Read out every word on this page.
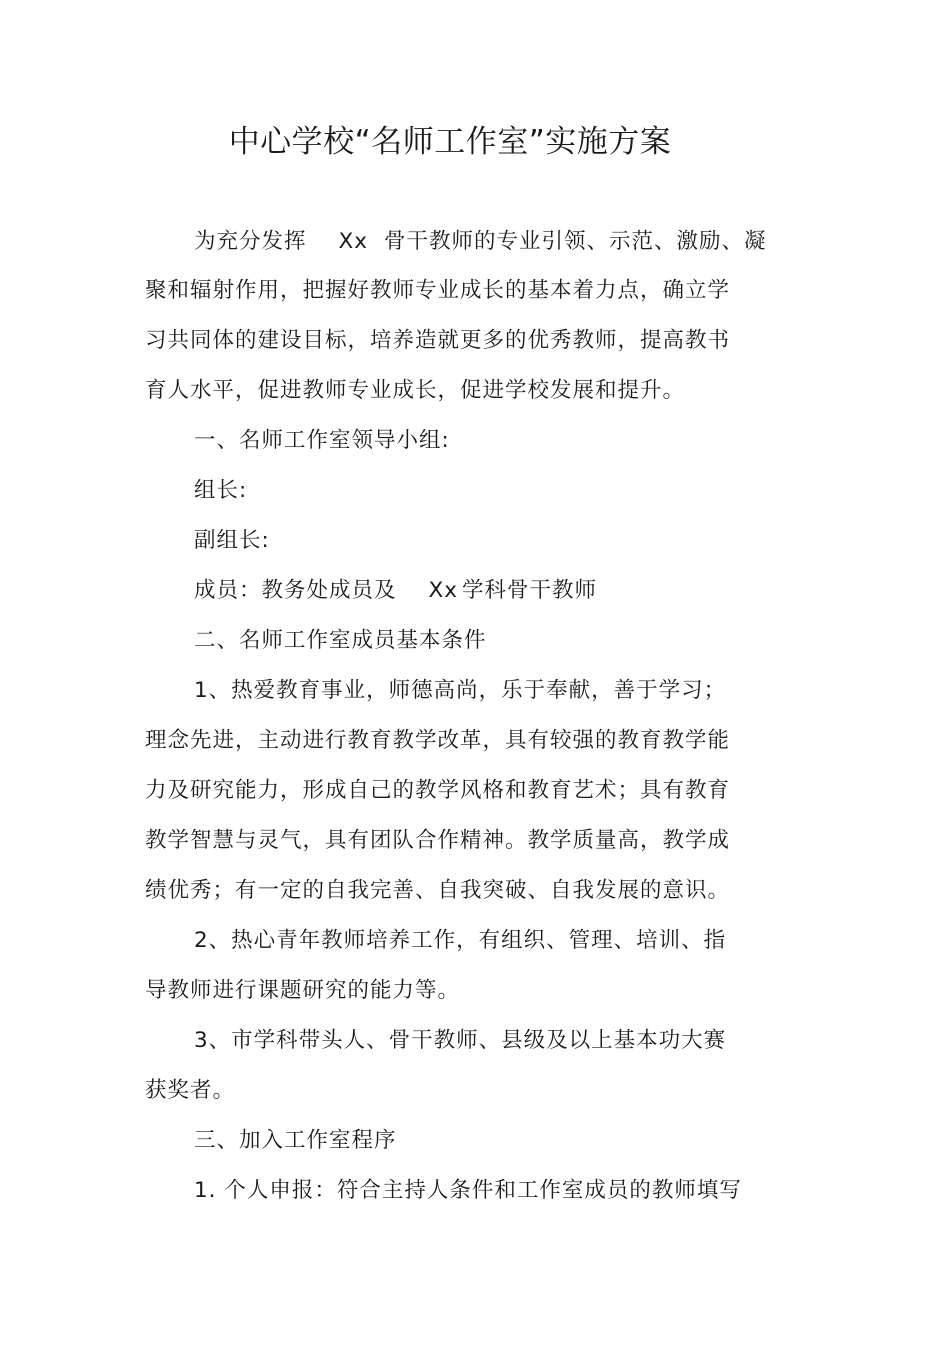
中心学校“名师工作室”实施方案
为充分发挥 Xx 骨干教师的专业引领、示范、激励、凝
聚和辐射作用，把握好教师专业成长的基本着力点，确立学
习共同体的建设目标，培养造就更多的优秀教师，提高教书
育人水平，促进教师专业成长，促进学校发展和提升。
一、名师工作室领导小组:
组长:
副组长:
成员：教务处成员及 Xx 学科骨干教师
二、名师工作室成员基本条件
1、热爱教育事业，师德高尚，乐于奉献，善于学习；
理念先进，主动进行教育教学改革，具有较强的教育教学能
力及研究能力，形成自己的教学风格和教育艺术；具有教育
教学智慧与灵气，具有团队合作精神。教学质量高，教学成
绩优秀；有一定的自我完善、自我突破、自我发展的意识。
2、热心青年教师培养工作，有组织、管理、培训、指
导教师进行课题研究的能力等。
3、市学科带头人、骨干教师、县级及以上基本功大赛
获奖者。
三、加入工作室程序
1. 个人申报：符合主持人条件和工作室成员的教师填写
